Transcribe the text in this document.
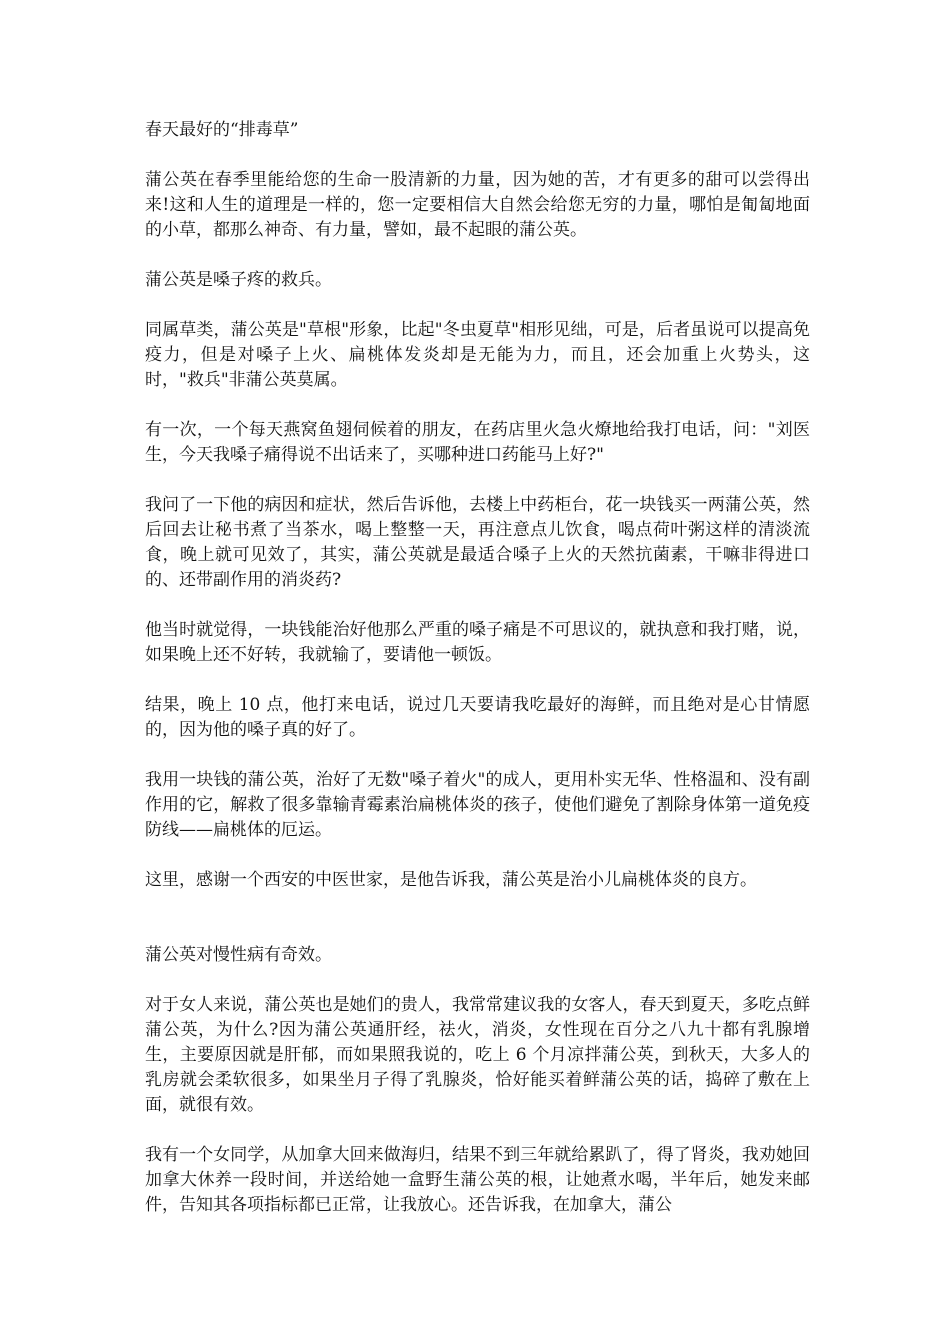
春天最好的“排毒草”

蒲公英在春季里能给您的生命一股清新的力量，因为她的苦，才有更多的甜可以尝得出来!这和人生的道理是一样的，您一定要相信大自然会给您无穷的力量，哪怕是匍匐地面的小草，都那么神奇、有力量，譬如，最不起眼的蒲公英。

蒲公英是嗓子疼的救兵。

同属草类，蒲公英是"草根"形象，比起"冬虫夏草"相形见绌，可是，后者虽说可以提高免疫力，但是对嗓子上火、扁桃体发炎却是无能为力，而且，还会加重上火势头，这时，"救兵"非蒲公英莫属。

有一次，一个每天燕窝鱼翅伺候着的朋友，在药店里火急火燎地给我打电话，问："刘医生，今天我嗓子痛得说不出话来了，买哪种进口药能马上好?"

我问了一下他的病因和症状，然后告诉他，去楼上中药柜台，花一块钱买一两蒲公英，然后回去让秘书煮了当茶水，喝上整整一天，再注意点儿饮食，喝点荷叶粥这样的清淡流食，晚上就可见效了，其实，蒲公英就是最适合嗓子上火的天然抗菌素，干嘛非得进口的、还带副作用的消炎药?

他当时就觉得，一块钱能治好他那么严重的嗓子痛是不可思议的，就执意和我打赌，说，如果晚上还不好转，我就输了，要请他一顿饭。

结果，晚上 10 点，他打来电话，说过几天要请我吃最好的海鲜，而且绝对是心甘情愿的，因为他的嗓子真的好了。

我用一块钱的蒲公英，治好了无数"嗓子着火"的成人，更用朴实无华、性格温和、没有副作用的它，解救了很多靠输青霉素治扁桃体炎的孩子，使他们避免了割除身体第一道免疫防线——扁桃体的厄运。

这里，感谢一个西安的中医世家，是他告诉我，蒲公英是治小儿扁桃体炎的良方。

蒲公英对慢性病有奇效。

对于女人来说，蒲公英也是她们的贵人，我常常建议我的女客人，春天到夏天，多吃点鲜蒲公英，为什么?因为蒲公英通肝经，祛火，消炎，女性现在百分之八九十都有乳腺增生，主要原因就是肝郁，而如果照我说的，吃上 6 个月凉拌蒲公英，到秋天，大多人的乳房就会柔软很多，如果坐月子得了乳腺炎，恰好能买着鲜蒲公英的话，捣碎了敷在上面，就很有效。

我有一个女同学，从加拿大回来做海归，结果不到三年就给累趴了，得了肾炎，我劝她回加拿大休养一段时间，并送给她一盒野生蒲公英的根，让她煮水喝，半年后，她发来邮件，告知其各项指标都已正常，让我放心。还告诉我，在加拿大，蒲公
